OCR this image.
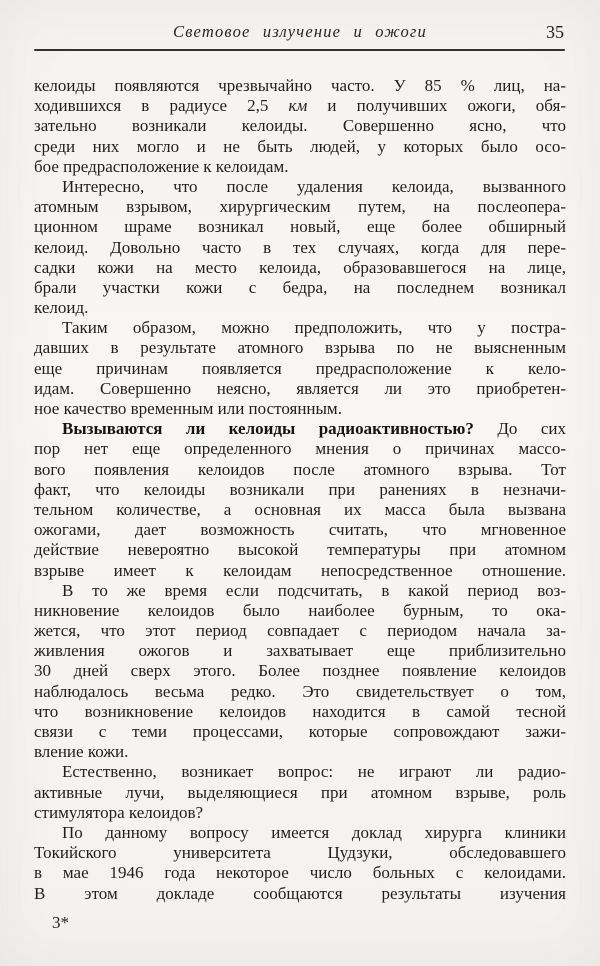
Световое излучение и ожоги	35
келоиды появляются чрезвычайно часто. У 85 % лиц, на-
ходившихся в радиусе 2,5 км и получивших ожоги, обя-
зательно возникали келоиды. Совершенно ясно, что
среди них могло и не быть людей, у которых было осо-
бое предрасположение к келоидам.
Интересно, что после удаления келоида, вызванного
атомным взрывом, хирургическим путем, на послеопера-
ционном шраме возникал новый, еще более обширный
келоид. Довольно часто в тех случаях, когда для пере-
садки кожи на место келоида, образовавшегося на лице,
брали участки кожи с бедра, на последнем возникал
келоид.
Таким образом, можно предположить, что у постра-
давших в результате атомного взрыва по не выясненным
еще причинам появляется предрасположение к кело-
идам. Совершенно неясно, является ли это приобретен-
ное качество временным или постоянным.
Вызываются ли келоиды радиоактивностью? До сих
пор нет еще определенного мнения о причинах массо-
вого появления келоидов после атомного взрыва. Тот
факт, что келоиды возникали при ранениях в незначи-
тельном количестве, а основная их масса была вызвана
ожогами, дает возможность считать, что мгновенное
действие невероятно высокой температуры при атомном
взрыве имеет к келоидам непосредственное отношение.
В то же время если подсчитать, в какой период воз-
никновение келоидов было наиболее бурным, то ока-
жется, что этот период совпадает с периодом начала за-
живления ожогов и захватывает еще приблизительно
30 дней сверх этого. Более позднее появление келоидов
наблюдалось весьма редко. Это свидетельствует о том,
что возникновение келоидов находится в самой тесной
связи с теми процессами, которые сопровождают зажи-
вление кожи.
Естественно, возникает вопрос: не играют ли радио-
активные лучи, выделяющиеся при атомном взрыве, роль
стимулятора келоидов?
По данному вопросу имеется доклад хирурга клиники
Токийского университета Цудзуки, обследовавшего
в мае 1946 года некоторое число больных с келоидами.
В этом докладе сообщаются результаты изучения
3*
